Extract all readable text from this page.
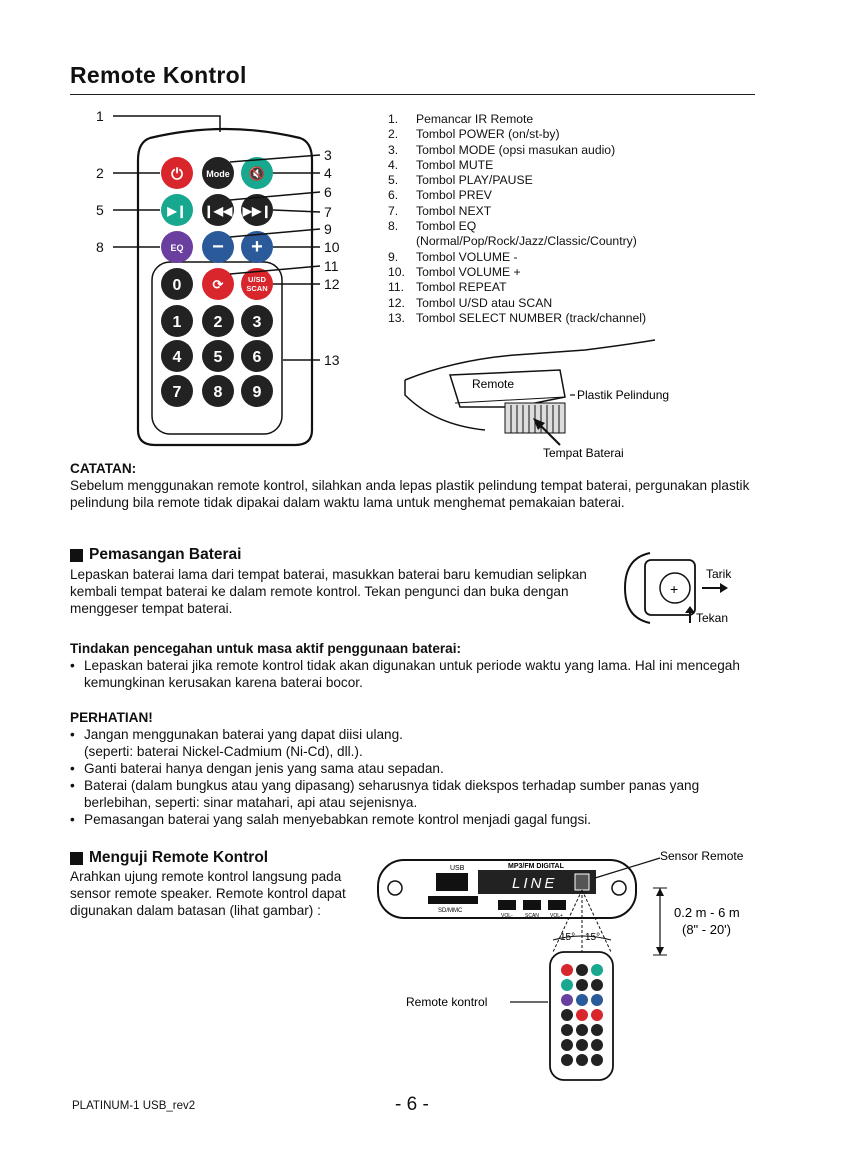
Remote Kontrol
⏻	Mode 🔇
▶❙ ❙◀◀ ▶▶❙
EQ − +
0 ⟳	U/SD
SCAN
1 2 3
4 5 6
7 8 9
1
2
3
4
5
6
7
8
9
10
11
12
13
1.	Pemancar IR Remote
2.	Tombol POWER (on/st-by)
3.	Tombol MODE (opsi masukan audio)
4.	Tombol MUTE
5.	Tombol PLAY/PAUSE
6.	Tombol PREV
7.	Tombol NEXT
8.	Tombol EQ
(Normal/Pop/Rock/Jazz/Classic/Country)
9.	Tombol VOLUME -
10. Tombol VOLUME +
11. Tombol REPEAT
12. Tombol U/SD atau SCAN
13. Tombol SELECT NUMBER (track/channel)
Remote
Plastik Pelindung
Tempat Baterai
CATATAN:
Sebelum menggunakan remote kontrol, silahkan anda lepas plastik pelindung tempat baterai, pergunakan plastik pelindung bila remote tidak dipakai dalam waktu lama untuk menghemat pemakaian baterai.
Pemasangan Baterai
Lepaskan baterai lama dari tempat baterai, masukkan baterai baru kemudian selipkan kembali tempat baterai ke dalam remote kontrol. Tekan pengunci dan buka dengan menggeser tempat baterai.
+
Tarik
Tekan
Tindakan pencegahan untuk masa aktif penggunaan baterai:
• Lepaskan baterai jika remote kontrol tidak akan digunakan untuk periode waktu yang lama. Hal ini mencegah kemungkinan kerusakan karena baterai bocor.
PERHATIAN!
• Jangan menggunakan baterai yang dapat diisi ulang.
(seperti: baterai Nickel-Cadmium (Ni-Cd), dll.).
• Ganti baterai hanya dengan jenis yang sama atau sepadan.
• Baterai (dalam bungkus atau yang dipasang) seharusnya tidak diekspos terhadap sumber panas yang berlebihan, seperti: sinar matahari, api atau sejenisnya.
• Pemasangan baterai yang salah menyebabkan remote kontrol menjadi gagal fungsi.
Menguji Remote Kontrol
Arahkan ujung remote kontrol langsung pada sensor remote speaker. Remote kontrol dapat digunakan dalam batasan (lihat gambar) :
USB
SD/MMC
MP3/FM DIGITAL
LINE
VOL- SCAN VOL+
Sensor Remote
15° 15°
0.2 m - 6 m
(8" - 20')
Remote kontrol
PLATINUM-1 USB_rev2	- 6 -
